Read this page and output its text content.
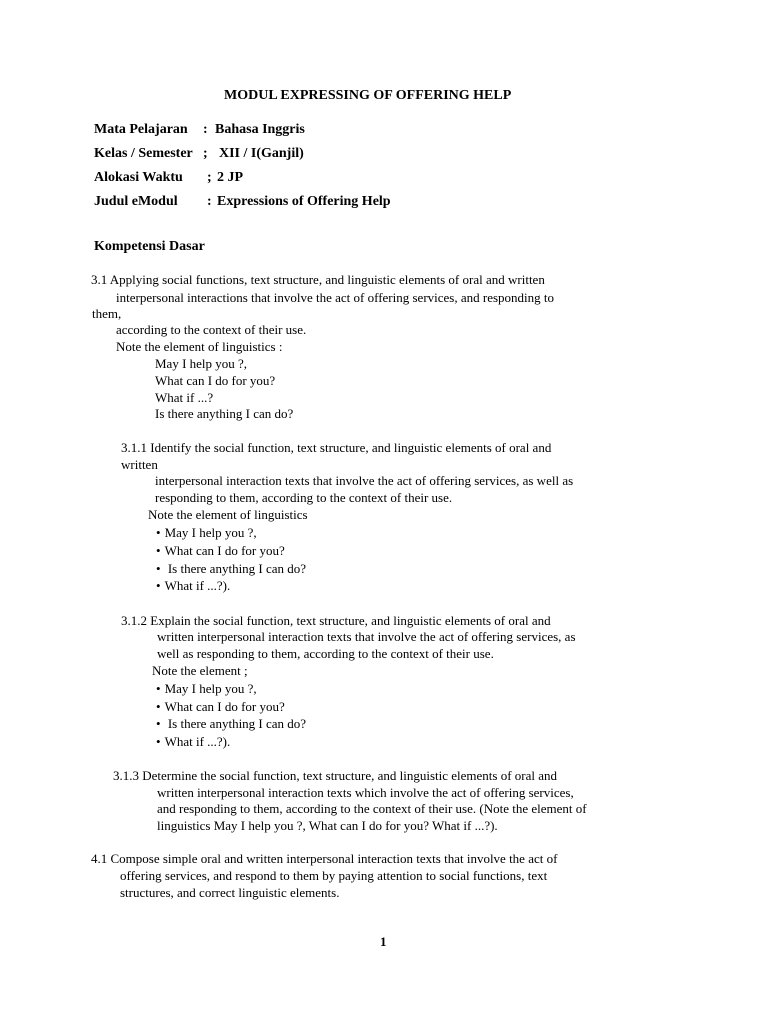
MODUL EXPRESSING OF OFFERING HELP
Mata Pelajaran : Bahasa Inggris
Kelas / Semester ; XII / I(Ganjil)
Alokasi Waktu ; 2 JP
Judul eModul : Expressions of Offering Help
Kompetensi Dasar
3.1 Applying social functions, text structure, and linguistic elements of oral and written
interpersonal interactions that involve the act of offering services, and responding to
them,
according to the context of their use.
Note the element of linguistics :
May I help you ?,
What can I do for you?
What if ...?
Is there anything I can do?
3.1.1 Identify the social function, text structure, and linguistic elements of oral and
written
interpersonal interaction texts that involve the act of offering services, as well as
responding to them, according to the context of their use.
Note the element of linguistics
• May I help you ?,
• What can I do for you?
• Is there anything I can do?
• What if ...?).
3.1.2 Explain the social function, text structure, and linguistic elements of oral and
written interpersonal interaction texts that involve the act of offering services, as
well as responding to them, according to the context of their use.
Note the element ;
• May I help you ?,
• What can I do for you?
• Is there anything I can do?
• What if ...?).
3.1.3 Determine the social function, text structure, and linguistic elements of oral and
written interpersonal interaction texts which involve the act of offering services,
and responding to them, according to the context of their use. (Note the element of
linguistics May I help you ?, What can I do for you? What if ...?).
4.1 Compose simple oral and written interpersonal interaction texts that involve the act of
offering services, and respond to them by paying attention to social functions, text
structures, and correct linguistic elements.
1
